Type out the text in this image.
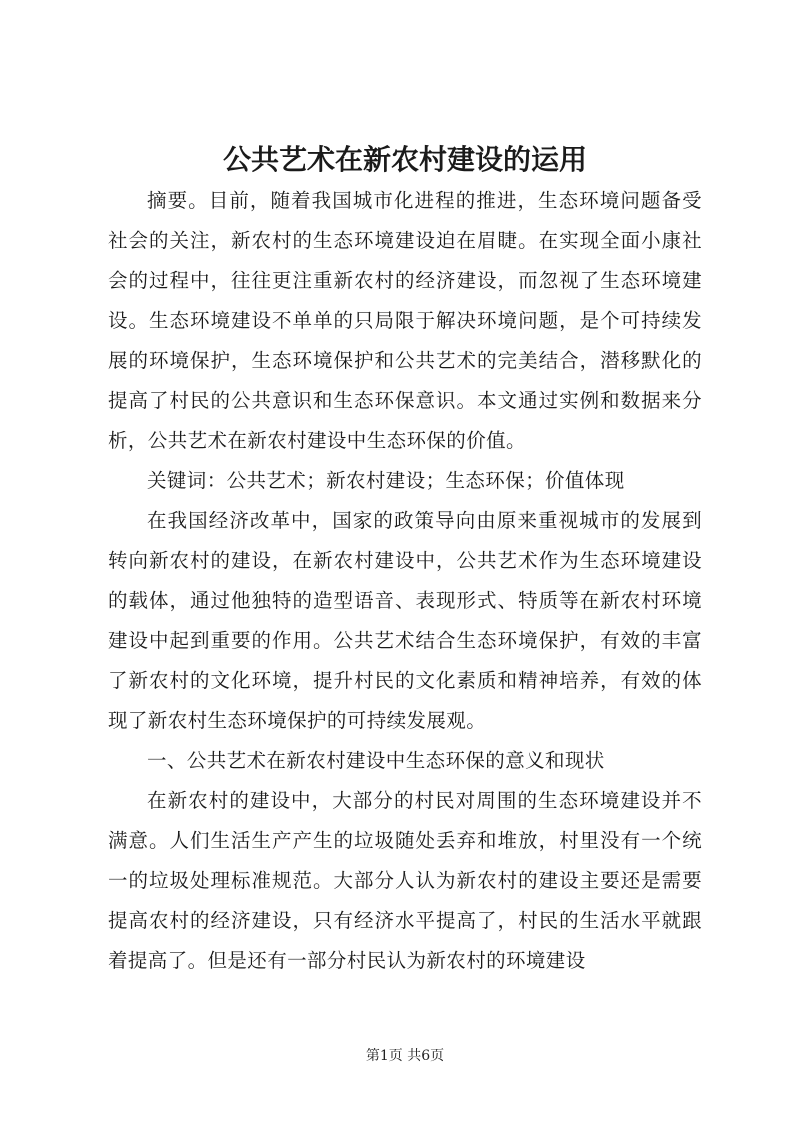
公共艺术在新农村建设的运用

摘要。目前，随着我国城市化进程的推进，生态环境问题备受社会的关注，新农村的生态环境建设迫在眉睫。在实现全面小康社会的过程中，往往更注重新农村的经济建设，而忽视了生态环境建设。生态环境建设不单单的只局限于解决环境问题，是个可持续发展的环境保护，生态环境保护和公共艺术的完美结合，潜移默化的提高了村民的公共意识和生态环保意识。本文通过实例和数据来分析，公共艺术在新农村建设中生态环保的价值。

关键词：公共艺术；新农村建设；生态环保；价值体现

在我国经济改革中，国家的政策导向由原来重视城市的发展到转向新农村的建设，在新农村建设中，公共艺术作为生态环境建设的载体，通过他独特的造型语音、表现形式、特质等在新农村环境建设中起到重要的作用。公共艺术结合生态环境保护，有效的丰富了新农村的文化环境，提升村民的文化素质和精神培养，有效的体现了新农村生态环境保护的可持续发展观。

一、公共艺术在新农村建设中生态环保的意义和现状

在新农村的建设中，大部分的村民对周围的生态环境建设并不满意。人们生活生产产生的垃圾随处丢弃和堆放，村里没有一个统一的垃圾处理标准规范。大部分人认为新农村的建设主要还是需要提高农村的经济建设，只有经济水平提高了，村民的生活水平就跟着提高了。但是还有一部分村民认为新农村的环境建设

第1页 共6页
